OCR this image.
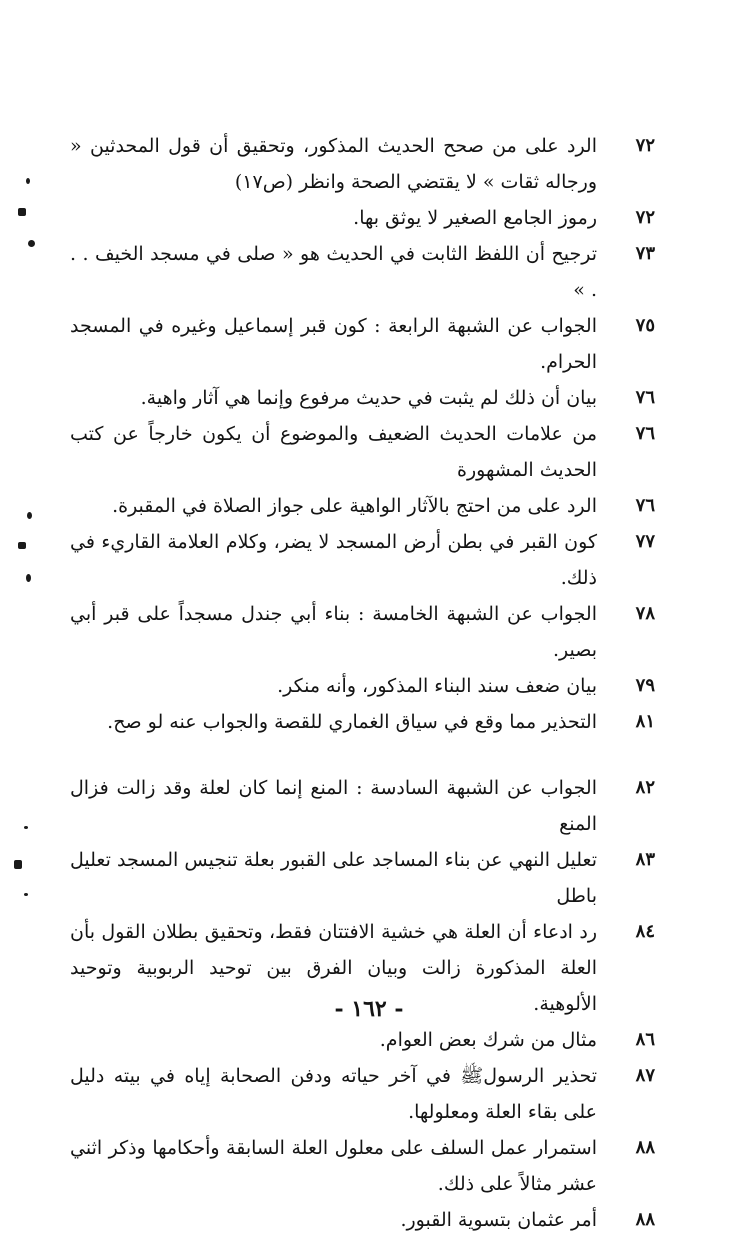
٧٢
الرد على من صحح الحديث المذكور، وتحقيق أن قول المحدثين « ورجاله ثقات » لا يقتضي الصحة وانظر (ص١٧)
٧٢
رموز الجامع الصغير لا يوثق بها.
٧٣
ترجيح أن اللفظ الثابت في الحديث هو « صلى في مسجد الخيف . . . »
٧٥
الجواب عن الشبهة الرابعة : كون قبر إسماعيل وغيره في المسجد الحرام.
٧٦
بيان أن ذلك لم يثبت في حديث مرفوع وإنما هي آثار واهية.
٧٦
من علامات الحديث الضعيف والموضوع أن يكون خارجاً عن كتب الحديث المشهورة
٧٦
الرد على من احتج بالآثار الواهية على جواز الصلاة في المقبرة.
٧٧
كون القبر في بطن أرض المسجد لا يضر، وكلام العلامة القاريء في ذلك.
٧٨
الجواب عن الشبهة الخامسة : بناء أبي جندل مسجداً على قبر أبي بصير.
٧٩
بيان ضعف سند البناء المذكور، وأنه منكر.
٨١
التحذير مما وقع في سياق الغماري للقصة والجواب عنه لو صح.
٨٢
الجواب عن الشبهة السادسة : المنع إنما كان لعلة وقد زالت فزال المنع
٨٣
تعليل النهي عن بناء المساجد على القبور بعلة تنجيس المسجد تعليل باطل
٨٤
رد ادعاء أن العلة هي خشية الافتتان فقط، وتحقيق بطلان القول بأن العلة المذكورة زالت وبيان الفرق بين توحيد الربوبية وتوحيد الألوهية.
٨٦
مثال من شرك بعض العوام.
٨٧
تحذير الرسولﷺ في آخر حياته ودفن الصحابة إياه في بيته دليل على بقاء العلة ومعلولها.
٨٨
استمرار عمل السلف على معلول العلة السابقة وأحكامها وذكر اثني عشر مثالاً على ذلك.
٨٨
أمر عثمان بتسوية القبور.
- ١٦٢ -
